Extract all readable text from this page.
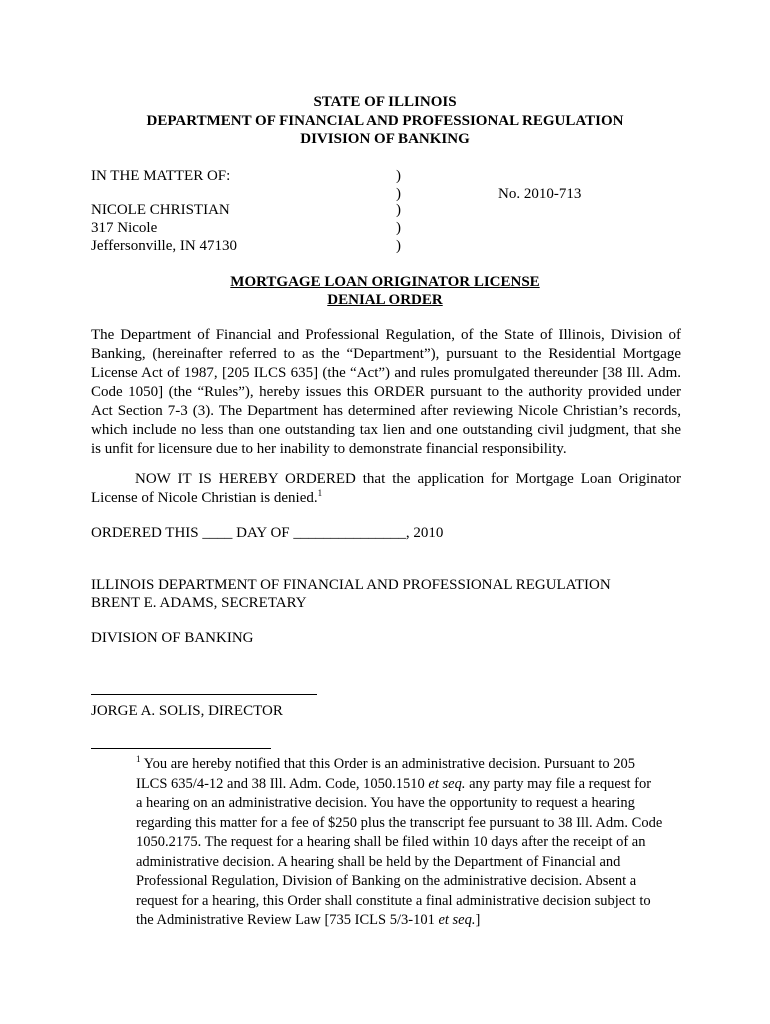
STATE OF ILLINOIS
DEPARTMENT OF FINANCIAL AND PROFESSIONAL REGULATION
DIVISION OF BANKING
IN THE MATTER OF:
NICOLE CHRISTIAN
317 Nicole
Jeffersonville, IN 47130
No. 2010-713
)
)
)
)
)
MORTGAGE LOAN ORIGINATOR LICENSE
DENIAL ORDER
The Department of Financial and Professional Regulation, of the State of Illinois, Division of
Banking, (hereinafter referred to as the “Department”), pursuant to the Residential Mortgage
License Act of 1987, [205 ILCS 635] (the “Act”) and rules promulgated thereunder [38 Ill. Adm.
Code 1050] (the “Rules”), hereby issues this ORDER pursuant to the authority provided under
Act Section 7-3 (3). The Department has determined after reviewing Nicole Christian’s records,
which include no less than one outstanding tax lien and one outstanding civil judgment, that she
is unfit for licensure due to her inability to demonstrate financial responsibility.
NOW IT IS HEREBY ORDERED that the application for Mortgage Loan Originator
License of Nicole Christian is denied.$^1$
ORDERED THIS ____ DAY OF _______________, 2010
ILLINOIS DEPARTMENT OF FINANCIAL AND PROFESSIONAL REGULATION
BRENT E. ADAMS, SECRETARY
DIVISION OF BANKING
JORGE A. SOLIS, DIRECTOR
$^1$ You are hereby notified that this Order is an administrative decision. Pursuant to 205
ILCS 635/4-12 and 38 Ill. Adm. Code, 1050.1510 et seq. any party may file a request for
a hearing on an administrative decision. You have the opportunity to request a hearing
regarding this matter for a fee of $250 plus the transcript fee pursuant to 38 Ill. Adm. Code
1050.2175. The request for a hearing shall be filed within 10 days after the receipt of an
administrative decision. A hearing shall be held by the Department of Financial and
Professional Regulation, Division of Banking on the administrative decision. Absent a
request for a hearing, this Order shall constitute a final administrative decision subject to
the Administrative Review Law [735 ICLS 5/3-101 et seq.]
